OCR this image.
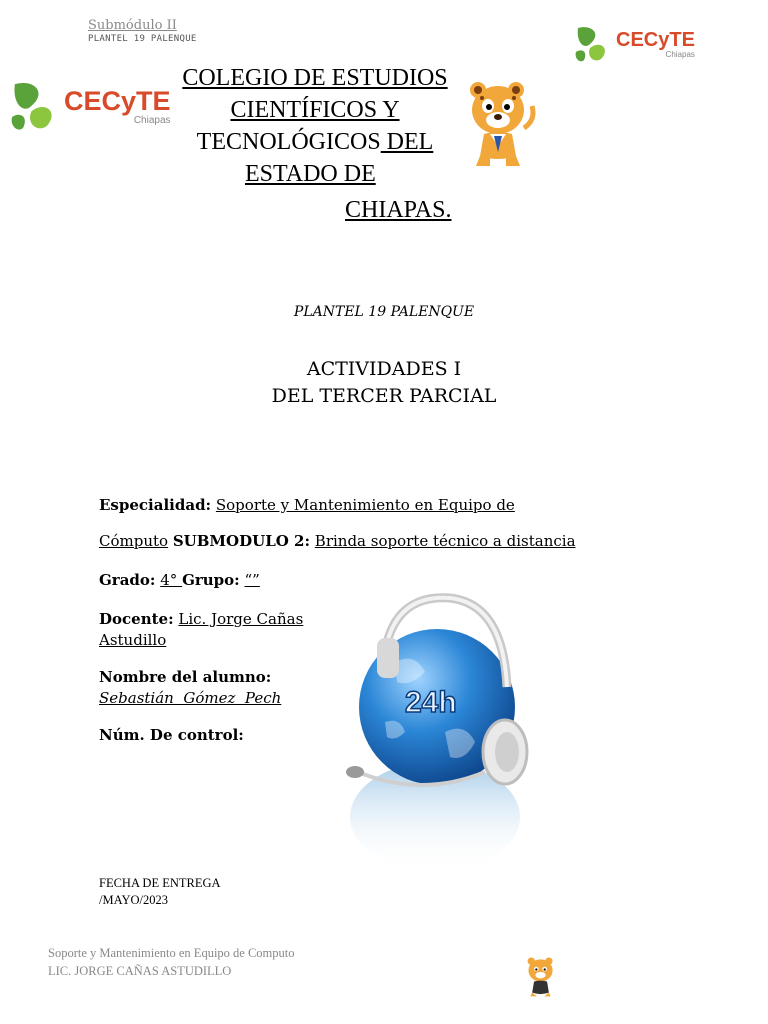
Submódulo II
PLANTEL 19 PALENQUE	CECyTE
Chiapas
CECyTE
Chiapas
COLEGIO DE ESTUDIOS
CIENTÍFICOS Y
TECNOLÓGICOS DEL
ESTADO DE
CHIAPAS.
PLANTEL 19 PALENQUE
ACTIVIDADES I
DEL TERCER PARCIAL
Especialidad: Soporte y Mantenimiento en Equipo de
Cómputo SUBMODULO 2: Brinda soporte técnico a distancia
Grado: 4° Grupo: “”
Docente: Lic. Jorge Cañas
Astudillo
Nombre del alumno:
Sebastián  Gómez  Pech
Núm. De control:
24h
FECHA DE ENTREGA
/MAYO/2023
Soporte y Mantenimiento en Equipo de Computo
LIC. JORGE CAÑAS ASTUDILLO
